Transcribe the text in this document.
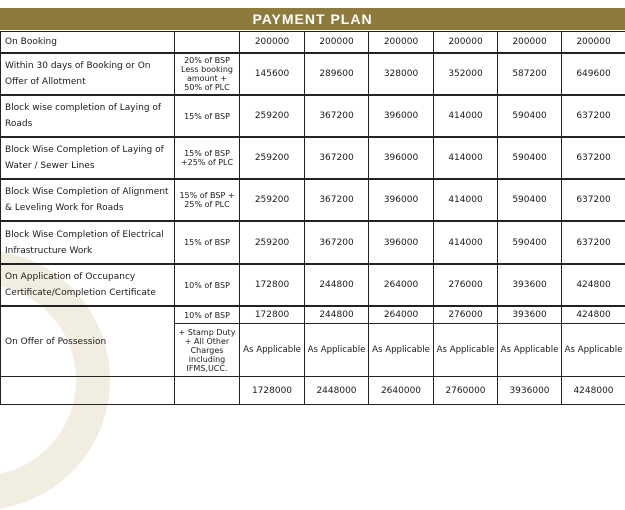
PAYMENT PLAN
On Booking		200000	200000	200000	200000	200000	200000
Within 30 days of Booking or On Offer of Allotment	20% of BSP Less booking amount + 50% of PLC	145600	289600	328000	352000	587200	649600
Block wise completion of Laying of Roads	15% of BSP	259200	367200	396000	414000	590400	637200
Block Wise Completion of Laying of Water / Sewer Lines	15% of BSP +25% of PLC	259200	367200	396000	414000	590400	637200
Block Wise Completion of Alignment & Leveling Work for Roads	15% of BSP + 25% of PLC	259200	367200	396000	414000	590400	637200
Block Wise Completion of Electrical Infrastructure Work	15% of BSP	259200	367200	396000	414000	590400	637200
On Application of Occupancy Certificate/Completion Certificate	10% of BSP	172800	244800	264000	276000	393600	424800
On Offer of Possession	10% of BSP	172800	244800	264000	276000	393600	424800
	+ Stamp Duty + All Other Charges including IFMS,UCC.	As Applicable	As Applicable	As Applicable	As Applicable	As Applicable	As Applicable
		1728000	2448000	2640000	2760000	3936000	4248000
